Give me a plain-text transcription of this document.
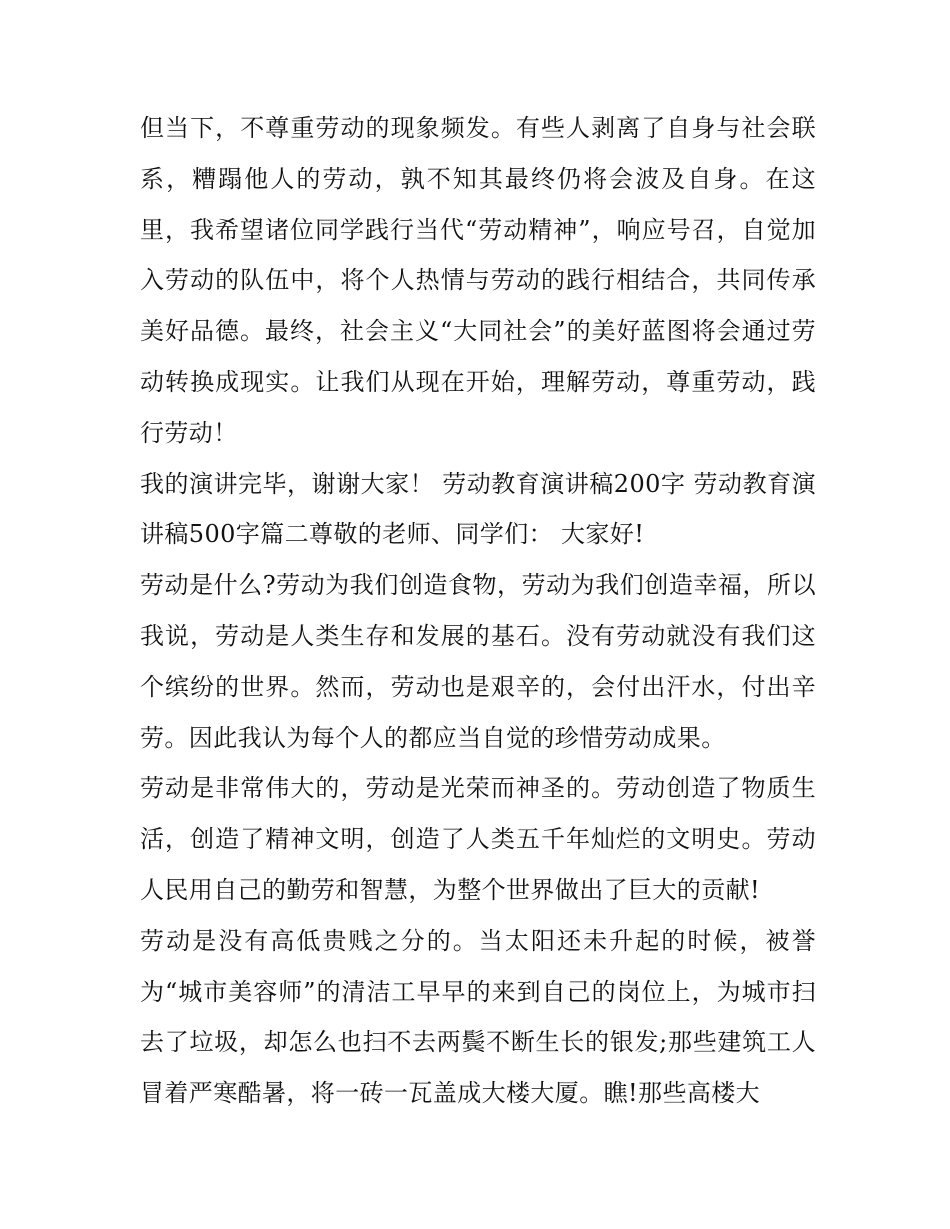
但当下，不尊重劳动的现象频发。有些人剥离了自身与社会联系，糟蹋他人的劳动，孰不知其最终仍将会波及自身。在这里，我希望诸位同学践行当代“劳动精神”，响应号召，自觉加入劳动的队伍中，将个人热情与劳动的践行相结合，共同传承美好品德。最终，社会主义“大同社会”的美好蓝图将会通过劳动转换成现实。让我们从现在开始，理解劳动，尊重劳动，践行劳动！

我的演讲完毕，谢谢大家！ 劳动教育演讲稿200字 劳动教育演讲稿500字篇二尊敬的老师、同学们： 大家好!

劳动是什么?劳动为我们创造食物，劳动为我们创造幸福，所以我说，劳动是人类生存和发展的基石。没有劳动就没有我们这个缤纷的世界。然而，劳动也是艰辛的，会付出汗水，付出辛劳。因此我认为每个人的都应当自觉的珍惜劳动成果。

劳动是非常伟大的，劳动是光荣而神圣的。劳动创造了物质生活，创造了精神文明，创造了人类五千年灿烂的文明史。劳动人民用自己的勤劳和智慧，为整个世界做出了巨大的贡献!

劳动是没有高低贵贱之分的。当太阳还未升起的时候，被誉为“城市美容师”的清洁工早早的来到自己的岗位上，为城市扫去了垃圾，却怎么也扫不去两鬓不断生长的银发;那些建筑工人冒着严寒酷暑，将一砖一瓦盖成大楼大厦。瞧!那些高楼大
